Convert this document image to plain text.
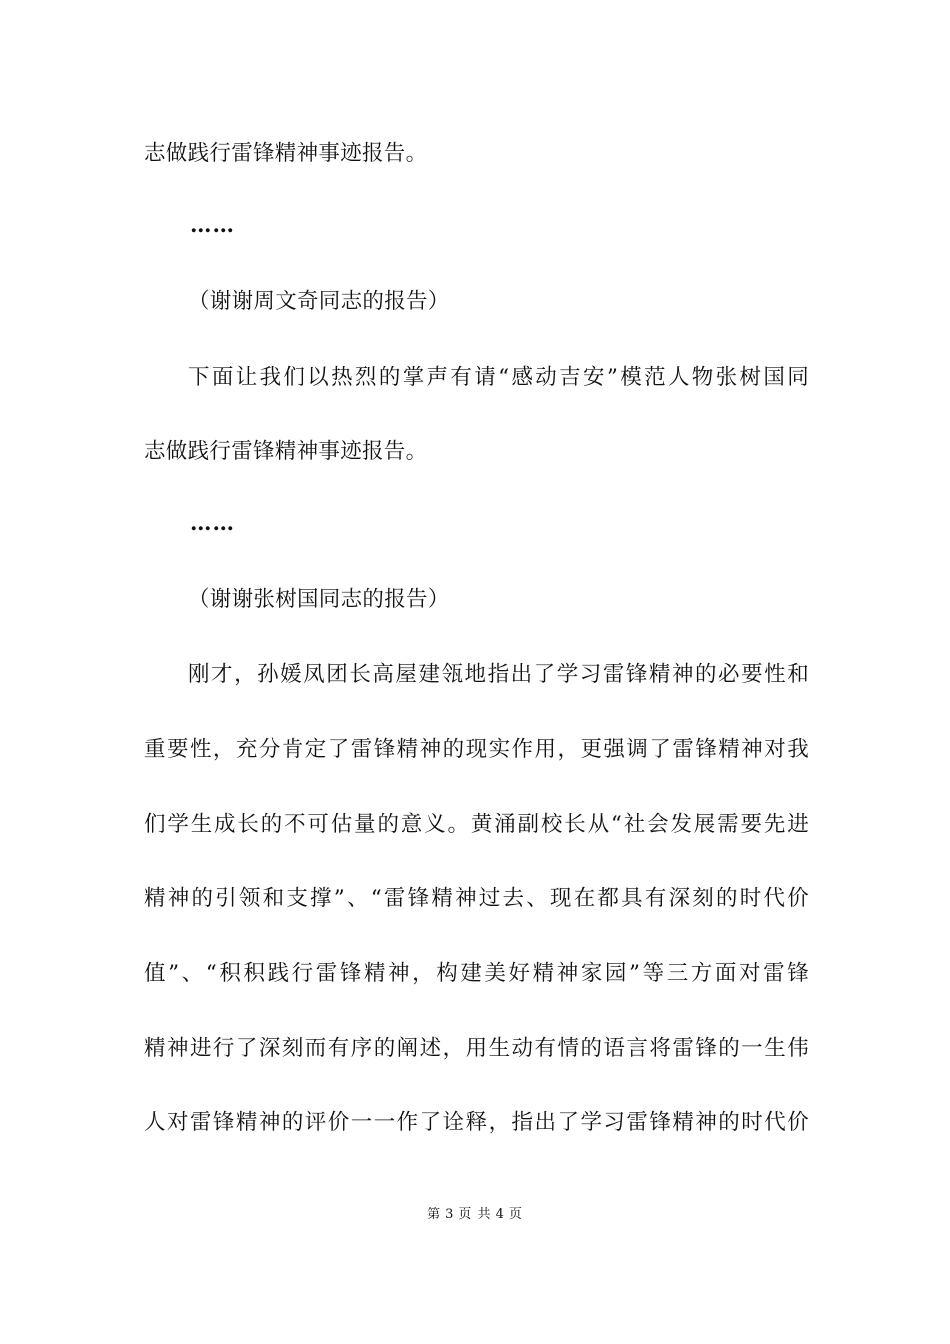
志做践行雷锋精神事迹报告。
……
（谢谢周文奇同志的报告）
下面让我们以热烈的掌声有请“感动吉安”模范人物张树国同
志做践行雷锋精神事迹报告。
……
（谢谢张树国同志的报告）
刚才，孙媛凤团长高屋建瓴地指出了学习雷锋精神的必要性和
重要性，充分肯定了雷锋精神的现实作用，更强调了雷锋精神对我
们学生成长的不可估量的意义。黄涌副校长从“社会发展需要先进
精神的引领和支撑”、“雷锋精神过去、现在都具有深刻的时代价
值”、“积积践行雷锋精神，构建美好精神家园”等三方面对雷锋
精神进行了深刻而有序的阐述，用生动有情的语言将雷锋的一生伟
人对雷锋精神的评价一一作了诠释，指出了学习雷锋精神的时代价
第 3 页 共 4 页
